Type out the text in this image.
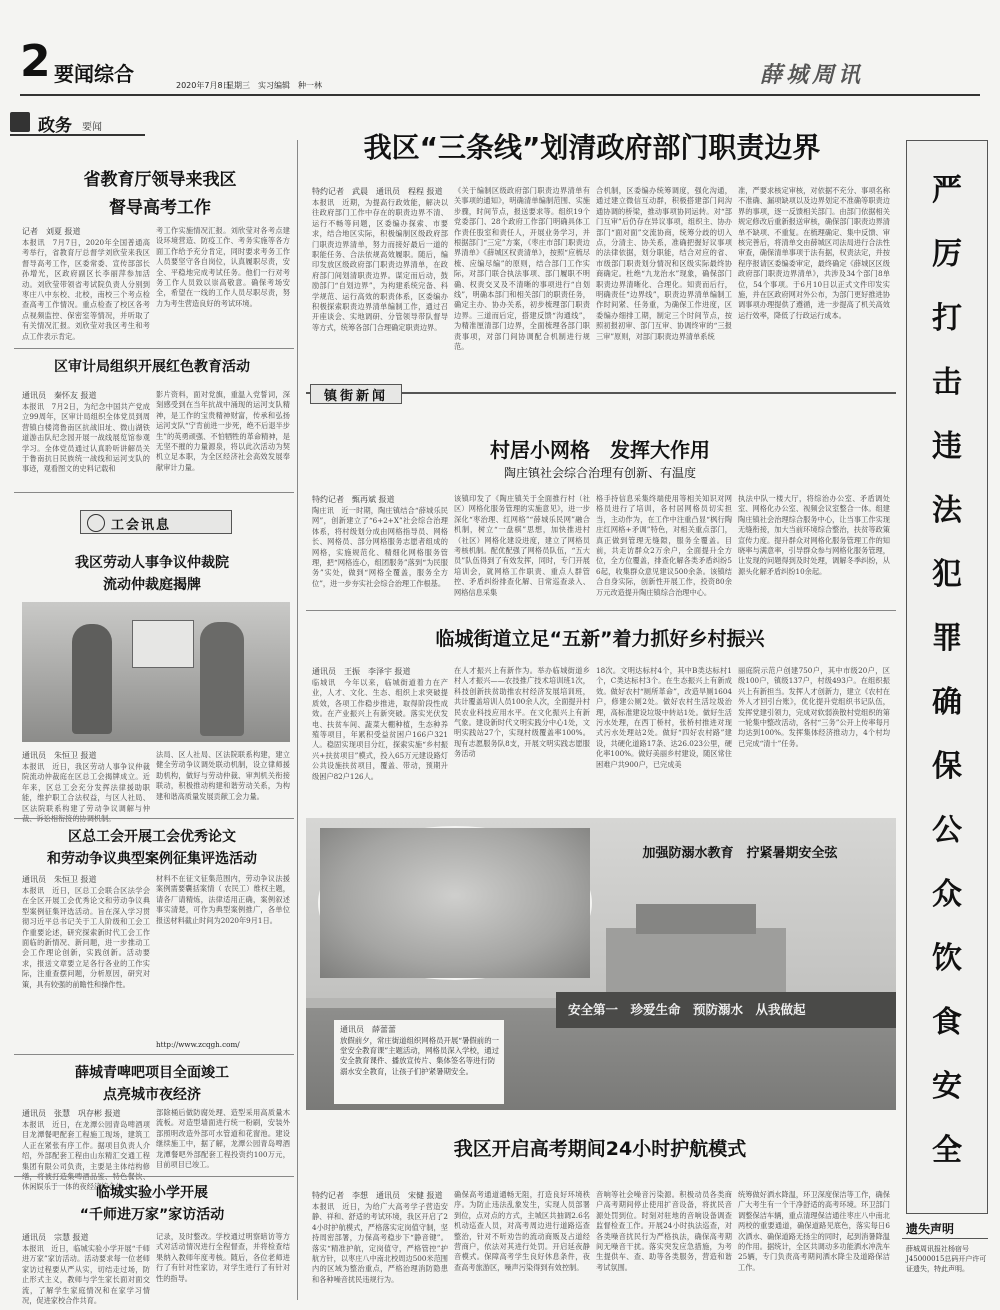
2 要闻综合	2020年7月8日
星期三 实习编辑　种一林	薛城周讯
政务 要闻
我区“三条线”划清政府部门职责边界
严厉打击违法犯罪确保公众饮食安全
省教育厅领导来我区
督导高考工作
记者　刘夏 报道
本报讯　7月7日，2020年全国普通高考举行，省教育厅总督学刘欣莹来我区督导高考工作，区委常委、宣传部部长孙增光，区政府副区长李丽萍参加活动。刘欣莹带领省考试院负责人分别到枣庄八中东校、北校，南校三个考点检查高考工作情况。重点检查了校区各考点视频监控、保密室等情况，并听取了有关情况汇报。刘欣莹对我区考生和考点工作表示肯定。
考工作实施情况汇报。刘欣莹对各考点建设环境营造、防疫工作、考务实施等各方面工作给予充分肯定，同时要求考务工作人员要坚守各自岗位，认真履职尽责，安全、平稳地完成考试任务。他们一行对考务工作人员致以崇高敬意。确保考场安全，希望在一线的工作人员尽职尽责，努力为考生营造良好的考试环境。
区审计局组织开展红色教育活动
通讯员　秦怀友 报道
本报讯　7月2日，为纪念中国共产党成立99周年，区审计局组织全体党员到周营镇白楼湾鲁南区抗战旧址、微山湖铁道游击队纪念园开展一战线展览馆参观学习。全体党员通过认真聆听讲解员关于鲁南抗日民族统一战线和运河支队的事迹，观看图文的史料记载和
影片资料，面对党旗，重温入党誓词，深刻感受到在当年抗战中涌现的运河支队精神，是工作的宝贵精神财富，传承和弘扬运河支队“宁肯前进一步死，绝不后退半步生”的英勇顽强、不怕牺牲的革命精神，是无坚不摧的力量源泉，将以此次活动为契机立足本职，为全区经济社会高效发展奉献审计力量。
工会讯息
我区劳动人事争议仲裁院
流动仲裁庭揭牌
通讯员　朱恒卫 报道
本报讯　近日，我区劳动人事争议仲裁院流动仲裁庭在区总工会揭牌成立。近年来，区总工会充分发挥法律援助职能，维护职工合法权益，与区人社局、区法院联系构建了劳动争议调解与仲
法局、区人社局、区法院联系构建，建立健全劳动争议调处联动机制，设立律师援助机构，做好与劳动仲裁、审判机关衔接联动，积极推动构建和谐劳动关系，为构建和谐高质量发展贡献工会力量。
区总工会开展工会优秀论文
和劳动争议典型案例征集评选活动
通讯员　朱恒卫 报道
本报讯　近日，区总工会联合区法学会在全区开展工会优秀论文和劳动争议典型案例征集评选活动。旨在深入学习贯彻习近平总书记关于工人阶级和工会工作重要论述，研究探索新时代工会工作面临的新情况、新问题，进一步推动工会工作理论创新，实践创新。活动要求，报送文章要立足各行各业的工作实际，注重查摆问题，分析原因，研究对策，具有较强的前瞻性和操作性。
材料不在征文征集范围内，劳动争议法援案例需要囊括案情（ 农民工）维权主题，请各厂请精炼，法律适用正确，案例叙述事实清楚，可作为典型案例推广，各单位报送材料截止时间为2020年9月1日。
http://www.zcqgh.com/
薛城青啤吧项目全面竣工
点亮城市夜经济
通讯员　张慧　巩存彬 报道
本报讯　近日，在龙潭公园青岛啤酒项目龙潭餐吧配套工程施工现场，建筑工人正在紧张有序工作。据项目负责人介绍，外部配套工程由山东精汇交通工程集团有限公司负责，主要是主体结构修 休闲娱乐于一体的夜经济综合体。
部除桶后做防腐处理、造型采用高质量木流板。对造型墙面进行统一粉刷，安装外部照明改造外部可水管道和花窗池。建设继续施工中，据了解，龙潭公园青岛啤酒龙潭餐吧外部配套工程投资约100万元，目前项目已竣工。
临城实验小学开展
“千师进万家”家访活动
通讯员　宗慧 报道
本报讯　近日，临城实验小学开展“千师进万家”家访活动。活动要求每一位老师家访过程要从严从实，切结走过场，防止形式主义，教师与学生家长面对面交流，了解学生家庭情况和在家学习情况，促进家校合作共育。
记录，及时整改。学校通过明察暗访等方式对活动情况进行全程督查，并将检查结果纳入教师年度考核。随后，各位老师进行了有针对性家访，对学生进行了有针对性的指导。
特约记者　武晨　通讯员　程程 报道
本报讯　近期，为提高行政效能，解决以往政府部门工作中存在的职责边界不清、运行不畅等问题，区委编办探索、市要求，结合地区实际，积极编制区级政府部门职责边界清单，努力而接好最后一道的职能任务、合法依规高效履职。随后，编印发放区级政府部门职责边界清单，在政府部门间划清职责边界。谋定而后动，鼓励部门“自划边界”，为构建系统完备、科学规范、运行高效的职责体系，区委编办积极探索职责边界清单编制工作，通过召开座谈会、实地调研、分管领导带队督导等方式，统筹各部门合理确定职责边界。
《关于编制区级政府部门职责边界清单有关事项的通知》，明确清单编制范围、实施步骤，时间节点，报送要求等。组织19个党委部门、28个政府工作部门明确具体工作责任股室和责任人，开展业务学习，并根据部门“三定”方案，《枣庄市部门职责边界清单》《薛城区权责清单》，按照“应梳尽梳、应编尽编”的原则，结合部门工作实际，对部门联合执法事项、部门履职不明确、权责交叉及不清晰的事项进行“自划线”，明确本部门和相关部门的职责任务，确定主办、协办关系，初步梳理部门职责边界。三道而后定，搭建反馈“沟通线”，为精准厘清部门边界，全面梳理各部门职责事项，对部门间协调配合机制进行规范。
合机制，区委编办统筹调度，强化沟通，通过建立微信互动群，积极搭建部门间沟通协调的桥梁，推动事项协同运转。对“部门互审”后仍存在异议事项，组织主、协办部门“面对面”交流协商，统筹分歧的切入点，分清主、协关系，准确把握好议事项的法律依据，划分职能，结合对应的省、市级部门职责划分情况和区级实际最终协商确定。杜绝“九龙治水”现象，确保部门职责边界清晰化、合理化。知责而后行，明确责任“边界线”，职责边界清单编制工作时间紧、任务重，为确保工作进度，区委编办细排工期，制定三个时间节点，按照初报初审、部门互审、协调终审的“三报三审”原则，对部门职责边界清单系统
准，严要求核定审核，对依据不充分、事项名称不准确、漏项缺项以及边界划定不准确等职责边界的事项，逐一反馈相关部门。由部门依据相关规定修改后重新报送审核，确保部门职责边界清单不缺项、不重复。在梳理确定、集中反馈、审核完善后，将清单交由薛城区司法局进行合法性审查，确保清单事项于法有据，权责法定，并按程序报请区委编委审定，最终确定《薛城区区级政府部门职责边界清单》，共涉及34个部门8单位，54个事项。于6月10日以正式文件印发实施，并在区政府网对外公布，为部门更好推进协调事项办理提供了遵循，进一步提高了机关高效运行效率，降低了行政运行成本。
镇街新闻
村居小网格　发挥大作用
陶庄镇社会综合治理有创新、有温度
特约记者　甄再斌 报道
陶庄讯　近一时期，陶庄镇结合“薛城乐民网”，创新建立了“6+2+X”社会综合治理体系，将村级划分成由网格指导员、网格长、网格员、部分网格服务志愿者组成的网格，实施规范化、精细化网格服务管理，把“网格连心，组团服务”落到“为民服务”实处，做到“网格全覆盖，服务全方位”，进一步夯实社会综合治理工作根基。
该镇印发了《陶庄镇关于全面推行村（社区）网格化服务管理的实施意见》，进一步深化“枣治理、红网格”“薛城乐民网”融合机制，树立“一盘棋”思想，加快推进村（社区）网格化建设进度，建立了网格员考核机制。配优配强了网格员队伍，“五大员”队伍得到了有效发挥，同时，专门开展培训会，就网格工作职责、重点人群管控、矛盾纠纷排查化解、日常巡查录入、网格信息采集
格手持信息采集终端使用等相关知识对网格员进行了培训，各村居网格员切实担当，主动作为，在工作中注重凸显“枫行陶庄红网格+矛调”特色，对相关重点部门，真正做到管理无缝隙，服务全覆盖。目前，共走访群众2万余户，全面提升全方位，全方位覆盖，排查化解各类矛盾纠纷56起，收集群众意见建议500余条。该镇结合自身实际，创新性开展工作，投资80余万元改造提升陶庄镇综合治理中心。
执法中队一楼大厅，将综治办公室、矛盾调处室、网格化办公室、视频会议室整合一体。组建陶庄镇社会治理综合服务中心，让当事工作实现无缝衔接，加大当前环境综合整治，扶贫等政策宣传力度。提升群众对网格化服务管理工作的知晓率与满意率，引导群众参与网格化服务管理，让发现的问题得到及时处理，调解冬季纠纷，从源头化解矛盾纠纷10余起。
临城街道立足“五新”着力抓好乡村振兴
通讯员　王振　李泽宇 报道
临城讯　今年以来，临城街道着力在产业，人才、文化、生态、组织上求突破提质效，各项工作稳步推进，取得阶段性成效。在产业振兴上有新突破。落实光伏发电、扶贫车间、蔬菜大棚种植，生态种养殖等项目，年累积受益贫困户166户321人。稳固实现项目分红，探索实施“乡村振兴+扶贫项目”模式，投入65万元建设路灯公共设施扶贫项目，覆盖、带动，预期升级困户82户126人。
在人才振兴上有新作为。举办临城街道乡村人才振兴——农技推广技术培训班1次，科技创新扶贫助推农村经济发展培训班，共计覆盖培训人员100余人次，全面提升村民农业科技应用水平。在文化振兴上有新气象。建设新时代文明实践分中心1处，文明实践站27个，实现村级覆盖率100%。现有志愿服务队8支，开展文明实践志愿服务活动
18次。文明达标村4个，其中B类达标村1个，C类达标村3个。在生态振兴上有新成效。做好农村“厕所革命”，改造旱厕1604户，修建公厕2处。做好农村生活垃圾治理，高标准建设垃圾中转站1处。做好生活污水处理，在西丁桥村，张桥村推进对现式污水处理站2处。做好“四好农村路”建设，共硬化道路17条、达26.023公里，硬化率100%。做好美丽乡村建设，随区常住困难户共900户，已完成美
丽庭院示范户创建750户，其中市级20户，区级100户，镇级137户，村级493户。在组织振兴上有新担当。发挥人才创新力，建立《农村在外人才回引台账》，优化提升党组织书记队伍，发挥党建引领力，完成对软弱涣散村党组织的第一轮集中整改活动，各村“三务”公开上传率每月均达到100%。发挥集体经济推动力，4个村均已完成“清十”任务。
安全第一　珍爱生命　预防溺水　从我做起
加强防溺水教育　拧紧暑期安全弦
通讯员　薛蕾蕾
放假前夕，常庄街道组织网格员开展“暑假前的一堂安全教育课”主题活动，网格员深入学校，通过安全教育课件、播放宣传片、集体签名等进行防溺水安全教育，让孩子们护紧暑期安全。
我区开启高考期间24小时护航模式
特约记者　李想　通讯员　宋健 报道
本报讯　近日，为给广大高考学子营造安静、祥和、舒适的考试环境，我区开启了24小时护航模式，严格落实定岗值守制，坚持周密部署，力保高考稳步下“静音键”。落实“精准护航，定岗值守，严格管控”护航方针，以枣庄八中南北校周边500米范围内的区域为整治重点，严格治理消防隐患和各种噪音扰民违规行为。
确保高考通道通畅无阻，打造良好环境秩序。为防止违法乱象发生，实现人员部署到位，点对点的方式，主城区共抽调2.6名机动巡查人员，对高考周边进行道路巡查整治，针对不听劝告的流动商贩及占道经营商户，依法对其进行处罚。开启延夜静音模式。保障高考学生良好休息条件，夜查高考旅游区，噪声污染得到有效控制。
音响等社会噪音污染源。积极动员各类商户高考期间停止使用扩音设备，将扰民音源处罚到位。时刻对驻地的音响设备调查监督检查工作。开展24小时执法巡查，对各类噪音扰民行为严格执法，确保高考期间无噪音干扰。落实突发应急措施，为考生提供车、查、助等各类服务，营造和谐考试氛围。
统筹做好洒水降温，环卫深度保洁等工作，确保广大考生有一个干净舒适的高考环境。环卫部门调整保洁车辆，重点清理保洁通往枣庄八中南北两校的重要通道，确保道路见底色，落实每日6次洒水、确保道路无扬尘的同时，起到消暑降温的作用。据统计，全区共调动多功能洒水冲洗车25辆，专门负责高考期间洒水降尘及道路保洁工作。
遗失声明
薛城周讯报社杨宿号J45000015总码开户许可证遗失，特此声明。
